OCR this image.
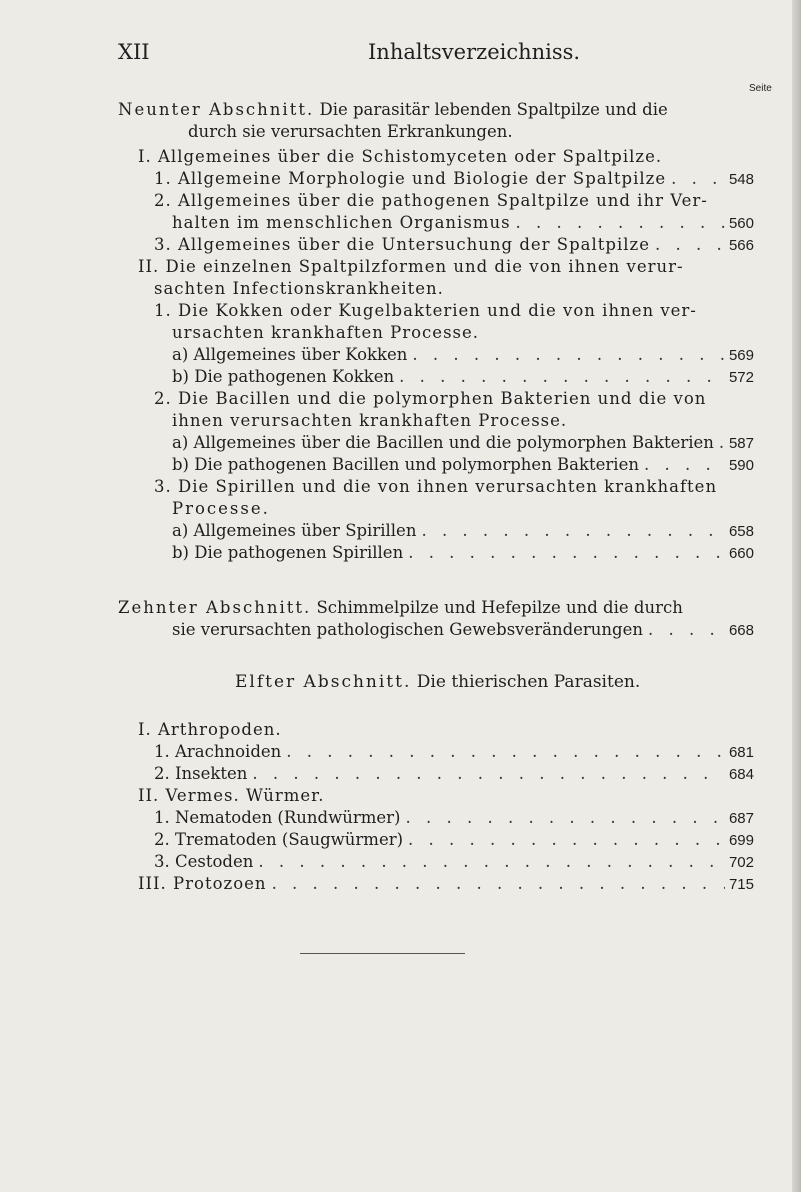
XII	Inhaltsverzeichniss.
Seite
Neunter Abschnitt. Die parasitär lebenden Spaltpilze und die
durch sie verursachten Erkrankungen.
I. Allgemeines über die Schistomyceten oder Spaltpilze.
1. Allgemeine Morphologie und Biologie der Spaltpilze . . .	548
2. Allgemeines über die pathogenen Spaltpilze und ihr Ver-
halten im menschlichen Organismus . . .	560
3. Allgemeines über die Untersuchung der Spaltpilze . . .	566
II. Die einzelnen Spaltpilzformen und die von ihnen verur-
sachten Infectionskrankheiten.
1. Die Kokken oder Kugelbakterien und die von ihnen ver-
ursachten krankhaften Processe.
a) Allgemeines über Kokken . . .	569
b) Die pathogenen Kokken . . .	572
2. Die Bacillen und die polymorphen Bakterien und die von
ihnen verursachten krankhaften Processe.
a) Allgemeines über die Bacillen und die polymorphen Bakterien . . . 587
b) Die pathogenen Bacillen und polymorphen Bakterien . . .	590
3. Die Spirillen und die von ihnen verursachten krankhaften
Processe.
a) Allgemeines über Spirillen . . .	658
b) Die pathogenen Spirillen . . .	660
Zehnter Abschnitt. Schimmelpilze und Hefepilze und die durch
sie verursachten pathologischen Gewebsveränderungen . . .	668
Elfter Abschnitt. Die thierischen Parasiten.
I. Arthropoden.
1. Arachnoiden . . .	681
2. Insekten . . .	684
II. Vermes. Würmer.
1. Nematoden (Rundwürmer) . . .	687
2. Trematoden (Saugwürmer) . . .	699
3. Cestoden . . .	702
III. Protozoen . . .	715
